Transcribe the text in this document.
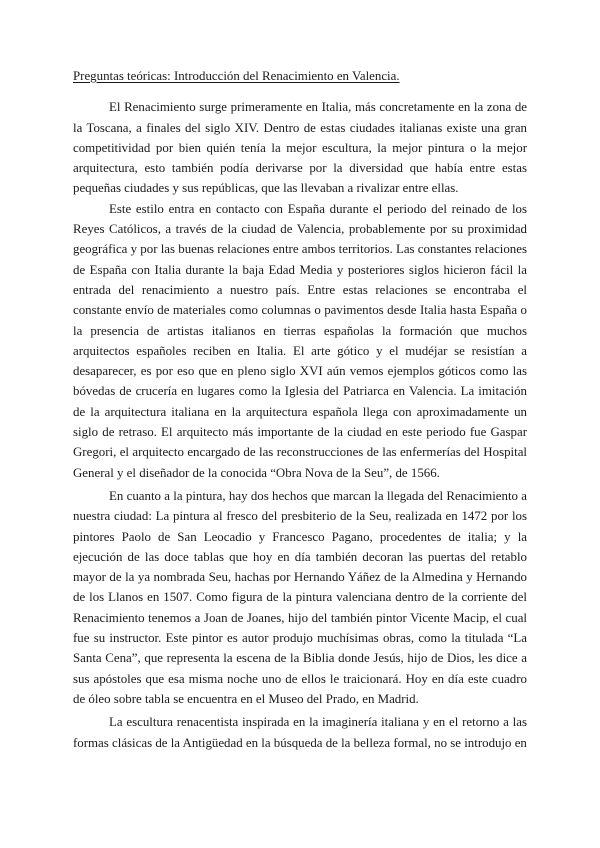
Preguntas teóricas: Introducción del Renacimiento en Valencia.

El Renacimiento surge primeramente en Italia, más concretamente en la zona de la Toscana, a finales del siglo XIV. Dentro de estas ciudades italianas existe una gran competitividad por bien quién tenía la mejor escultura, la mejor pintura o la mejor arquitectura, esto también podía derivarse por la diversidad que había entre estas pequeñas ciudades y sus repúblicas, que las llevaban a rivalizar entre ellas.

Este estilo entra en contacto con España durante el periodo del reinado de los Reyes Católicos, a través de la ciudad de Valencia, probablemente por su proximidad geográfica y por las buenas relaciones entre ambos territorios. Las constantes relaciones de España con Italia durante la baja Edad Media y posteriores siglos hicieron fácil la entrada del renacimiento a nuestro país. Entre estas relaciones se encontraba el constante envío de materiales como columnas o pavimentos desde Italia hasta España o la presencia de artistas italianos en tierras españolas la formación que muchos arquitectos españoles reciben en Italia. El arte gótico y el mudéjar se resistían a desaparecer, es por eso que en pleno siglo XVI aún vemos ejemplos góticos como las bóvedas de crucería en lugares como la Iglesia del Patriarca en Valencia. La imitación de la arquitectura italiana en la arquitectura española llega con aproximadamente un siglo de retraso. El arquitecto más importante de la ciudad en este periodo fue Gaspar Gregori, el arquitecto encargado de las reconstrucciones de las enfermerías del Hospital General y el diseñador de la conocida “Obra Nova de la Seu”, de 1566.

En cuanto a la pintura, hay dos hechos que marcan la llegada del Renacimiento a nuestra ciudad: La pintura al fresco del presbiterio de la Seu, realizada en 1472 por los pintores Paolo de San Leocadio y Francesco Pagano, procedentes de italia; y la ejecución de las doce tablas que hoy en día también decoran las puertas del retablo mayor de la ya nombrada Seu, hachas por Hernando Yáñez de la Almedina y Hernando de los Llanos en 1507. Como figura de la pintura valenciana dentro de la corriente del Renacimiento tenemos a Joan de Joanes, hijo del también pintor Vicente Macip, el cual fue su instructor. Este pintor es autor produjo muchísimas obras, como la titulada “La Santa Cena”, que representa la escena de la Biblia donde Jesús, hijo de Dios, les dice a sus apóstoles que esa misma noche uno de ellos le traicionará. Hoy en día este cuadro de óleo sobre tabla se encuentra en el Museo del Prado, en Madrid.

La escultura renacentista inspirada en la imaginería italiana y en el retorno a las formas clásicas de la Antigüedad en la búsqueda de la belleza formal, no se introdujo en
